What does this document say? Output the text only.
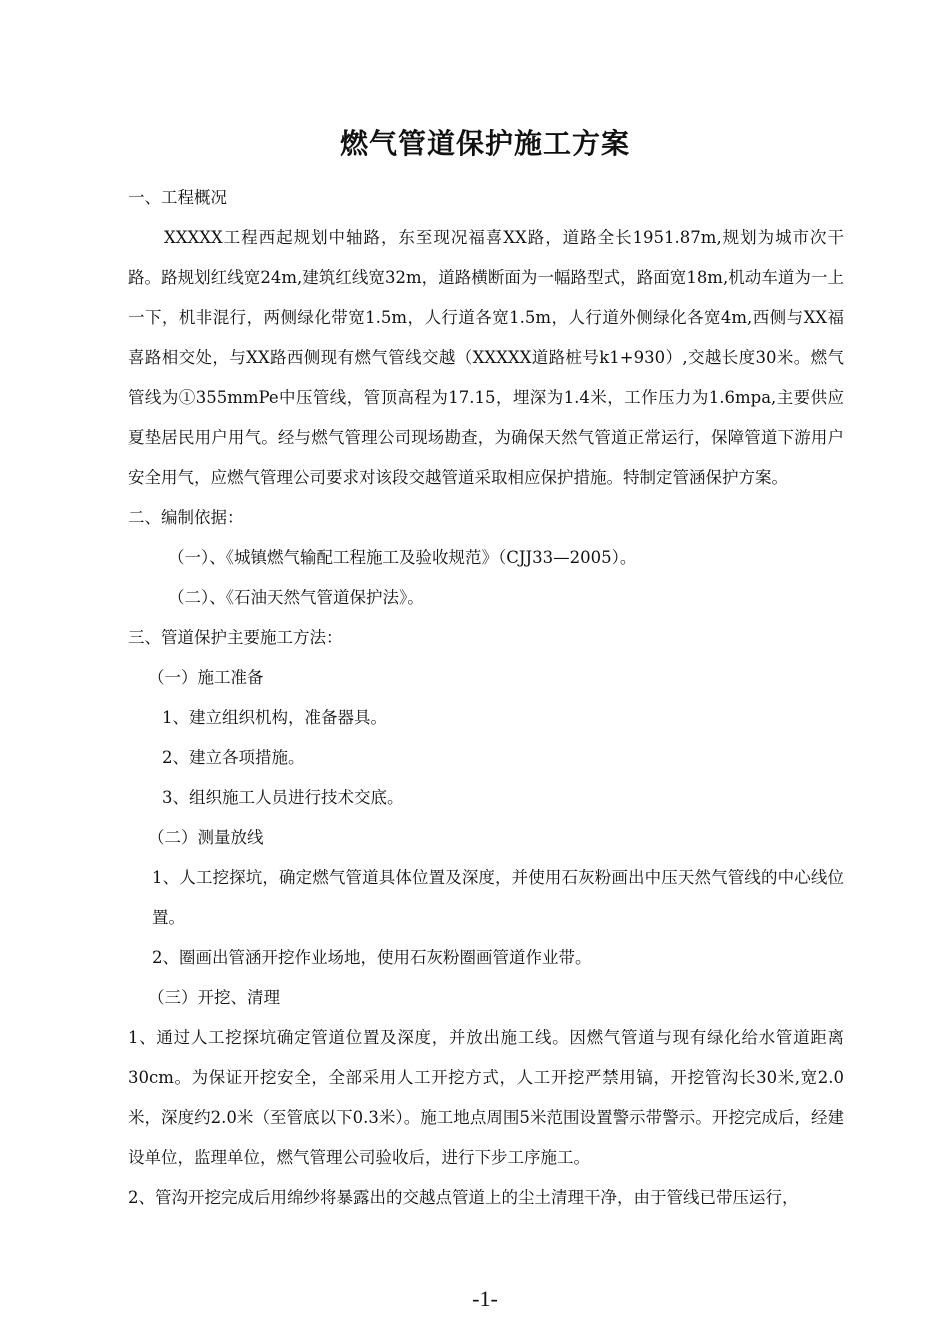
燃气管道保护施工方案

一、工程概况

XXXXX工程西起规划中轴路，东至现况福喜XX路，道路全长1951.87m,规划为城市次干路。路规划红线宽24m,建筑红线宽32m，道路横断面为一幅路型式，路面宽18m,机动车道为一上一下，机非混行，两侧绿化带宽1.5m，人行道各宽1.5m，人行道外侧绿化各宽4m,西侧与XX福喜路相交处，与XX路西侧现有燃气管线交越（XXXXX道路桩号k1+930）,交越长度30米。燃气管线为①355mmPe中压管线，管顶高程为17.15，埋深为1.4米，工作压力为1.6mpa,主要供应夏垫居民用户用气。经与燃气管理公司现场勘查，为确保天然气管道正常运行，保障管道下游用户安全用气，应燃气管理公司要求对该段交越管道采取相应保护措施。特制定管涵保护方案。

二、编制依据：

（一）、《城镇燃气输配工程施工及验收规范》（CJJ33—2005）。

（二）、《石油天然气管道保护法》。

三、管道保护主要施工方法：

（一）施工准备

1、建立组织机构，准备器具。

2、建立各项措施。

3、组织施工人员进行技术交底。

（二）测量放线

1、人工挖探坑，确定燃气管道具体位置及深度，并使用石灰粉画出中压天然气管线的中心线位置。

2、圈画出管涵开挖作业场地，使用石灰粉圈画管道作业带。

（三）开挖、清理

1、通过人工挖探坑确定管道位置及深度，并放出施工线。因燃气管道与现有绿化给水管道距离30cm。为保证开挖安全，全部采用人工开挖方式，人工开挖严禁用镐，开挖管沟长30米,宽2.0米，深度约2.0米（至管底以下0.3米）。施工地点周围5米范围设置警示带警示。开挖完成后，经建设单位，监理单位，燃气管理公司验收后，进行下步工序施工。

2、管沟开挖完成后用绵纱将暴露出的交越点管道上的尘土清理干净，由于管线已带压运行，

-1-
